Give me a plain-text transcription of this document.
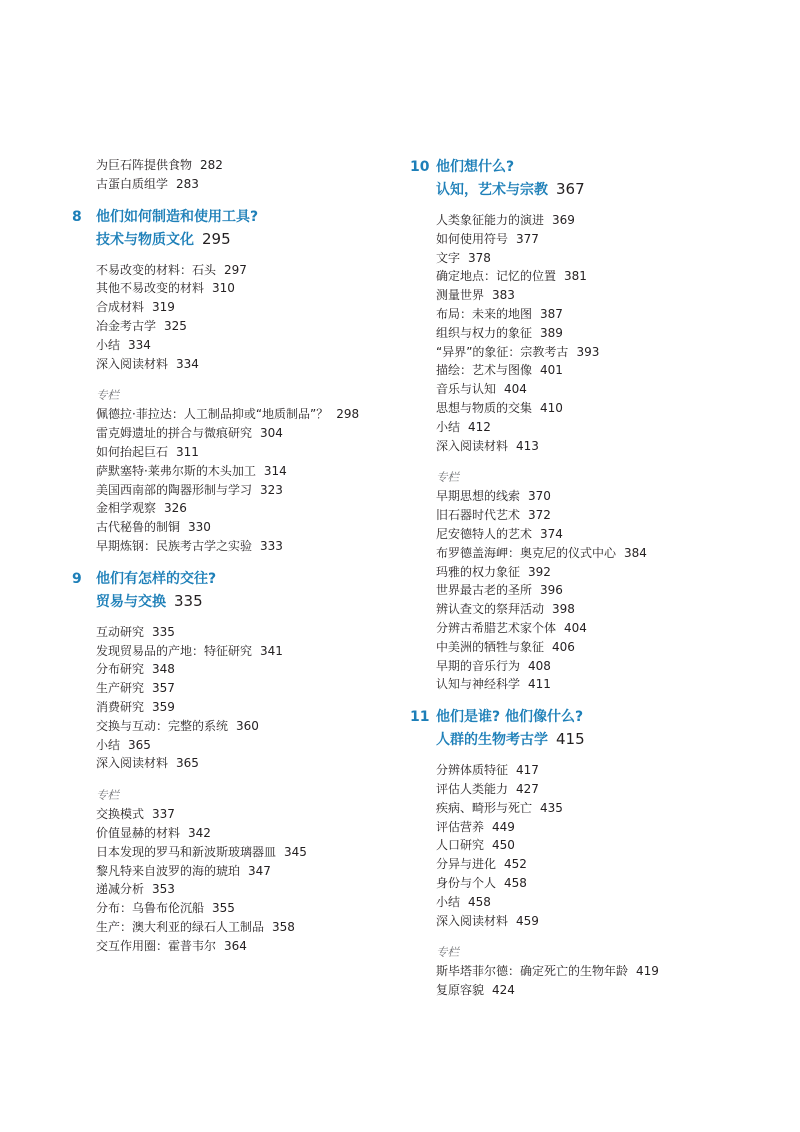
为巨石阵提供食物 282
古蛋白质组学 283
8	他们如何制造和使用工具?
技术与物质文化 295
不易改变的材料：石头 297
其他不易改变的材料 310
合成材料 319
冶金考古学 325
小结 334
深入阅读材料 334
专栏
佩德拉·菲拉达：人工制品抑或“地质制品”？ 298
雷克姆遗址的拼合与微痕研究 304
如何抬起巨石 311
萨默塞特·莱弗尔斯的木头加工 314
美国西南部的陶器形制与学习 323
金相学观察 326
古代秘鲁的制铜 330
早期炼钢：民族考古学之实验 333
9	他们有怎样的交往?
贸易与交换 335
互动研究 335
发现贸易品的产地：特征研究 341
分布研究 348
生产研究 357
消费研究 359
交换与互动：完整的系统 360
小结 365
深入阅读材料 365
专栏
交换模式 337
价值显赫的材料 342
日本发现的罗马和新波斯玻璃器皿 345
黎凡特来自波罗的海的琥珀 347
递减分析 353
分布：乌鲁布伦沉船 355
生产：澳大利亚的绿石人工制品 358
交互作用圈：霍普韦尔 364
10 他们想什么?
认知，艺术与宗教 367
人类象征能力的演进 369
如何使用符号 377
文字 378
确定地点：记忆的位置 381
测量世界 383
布局：未来的地图 387
组织与权力的象征 389
“异界”的象征：宗教考古 393
描绘：艺术与图像 401
音乐与认知 404
思想与物质的交集 410
小结 412
深入阅读材料 413
专栏
早期思想的线索 370
旧石器时代艺术 372
尼安德特人的艺术 374
布罗德盖海岬：奥克尼的仪式中心 384
玛雅的权力象征 392
世界最古老的圣所 396
辨认查文的祭拜活动 398
分辨古希腊艺术家个体 404
中美洲的牺牲与象征 406
早期的音乐行为 408
认知与神经科学 411
11 他们是谁? 他们像什么?
人群的生物考古学 415
分辨体质特征 417
评估人类能力 427
疾病、畸形与死亡 435
评估营养 449
人口研究 450
分异与进化 452
身份与个人 458
小结 458
深入阅读材料 459
专栏
斯毕塔菲尔德：确定死亡的生物年龄 419
复原容貌 424
